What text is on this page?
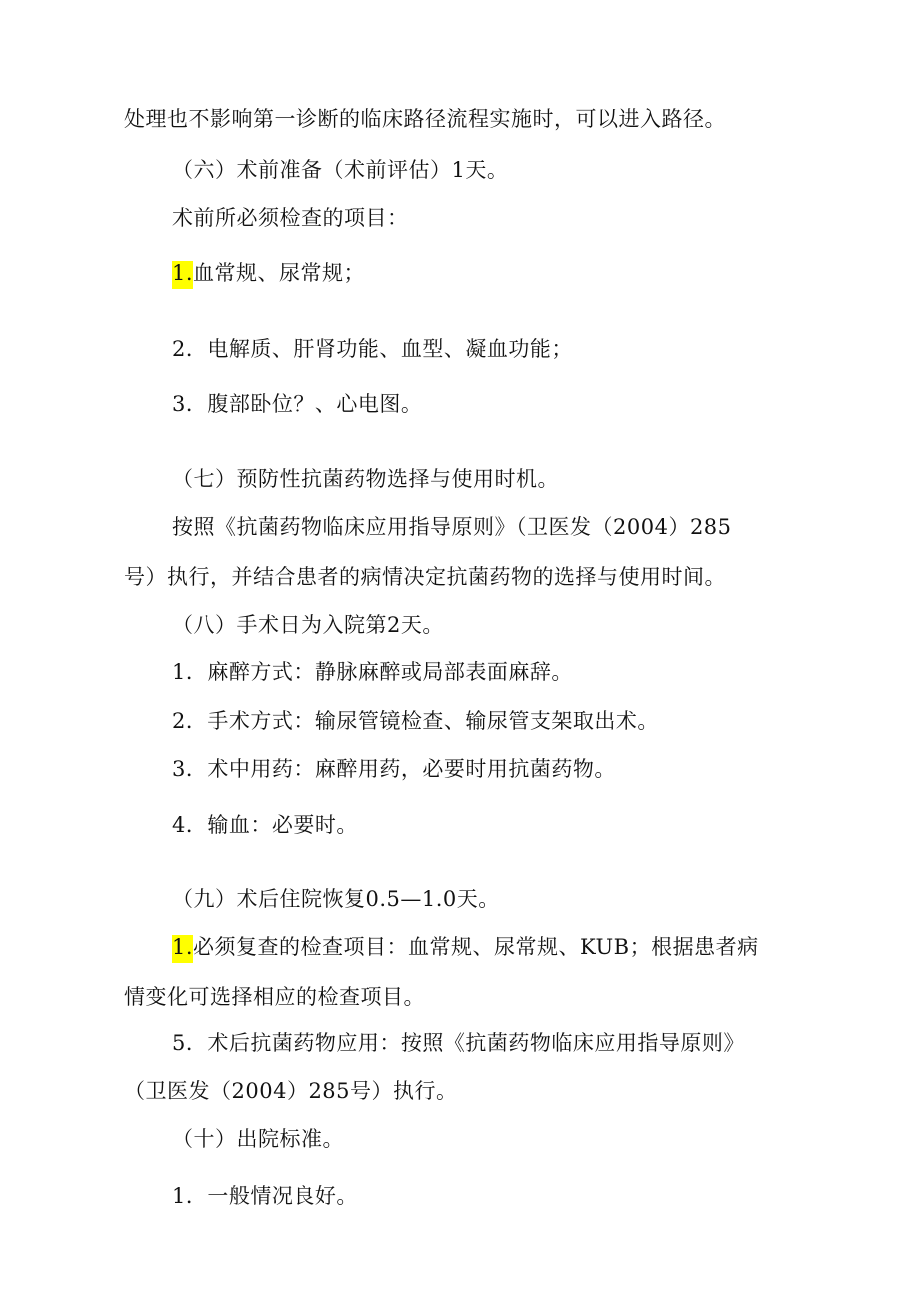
处理也不影响第一诊断的临床路径流程实施时，可以进入路径。
（六）术前准备（术前评估）1天。
术前所必须检查的项目：
1.血常规、尿常规；
2．电解质、肝肾功能、血型、凝血功能；
3．腹部卧位？、心电图。
（七）预防性抗菌药物选择与使用时机。
按照《抗菌药物临床应用指导原则》（卫医发（2004）285
号）执行，并结合患者的病情决定抗菌药物的选择与使用时间。
（八）手术日为入院第2天。
1．麻醉方式：静脉麻醉或局部表面麻辞。
2．手术方式：输尿管镜检查、输尿管支架取出术。
3．术中用药：麻醉用药，必要时用抗菌药物。
4．输血：必要时。
（九）术后住院恢复0.5—1.0天。
1.必须复查的检查项目：血常规、尿常规、KUB；根据患者病
情变化可选择相应的检查项目。
5．术后抗菌药物应用：按照《抗菌药物临床应用指导原则》
（卫医发（2004）285号）执行。
（十）出院标准。
1．一般情况良好。
